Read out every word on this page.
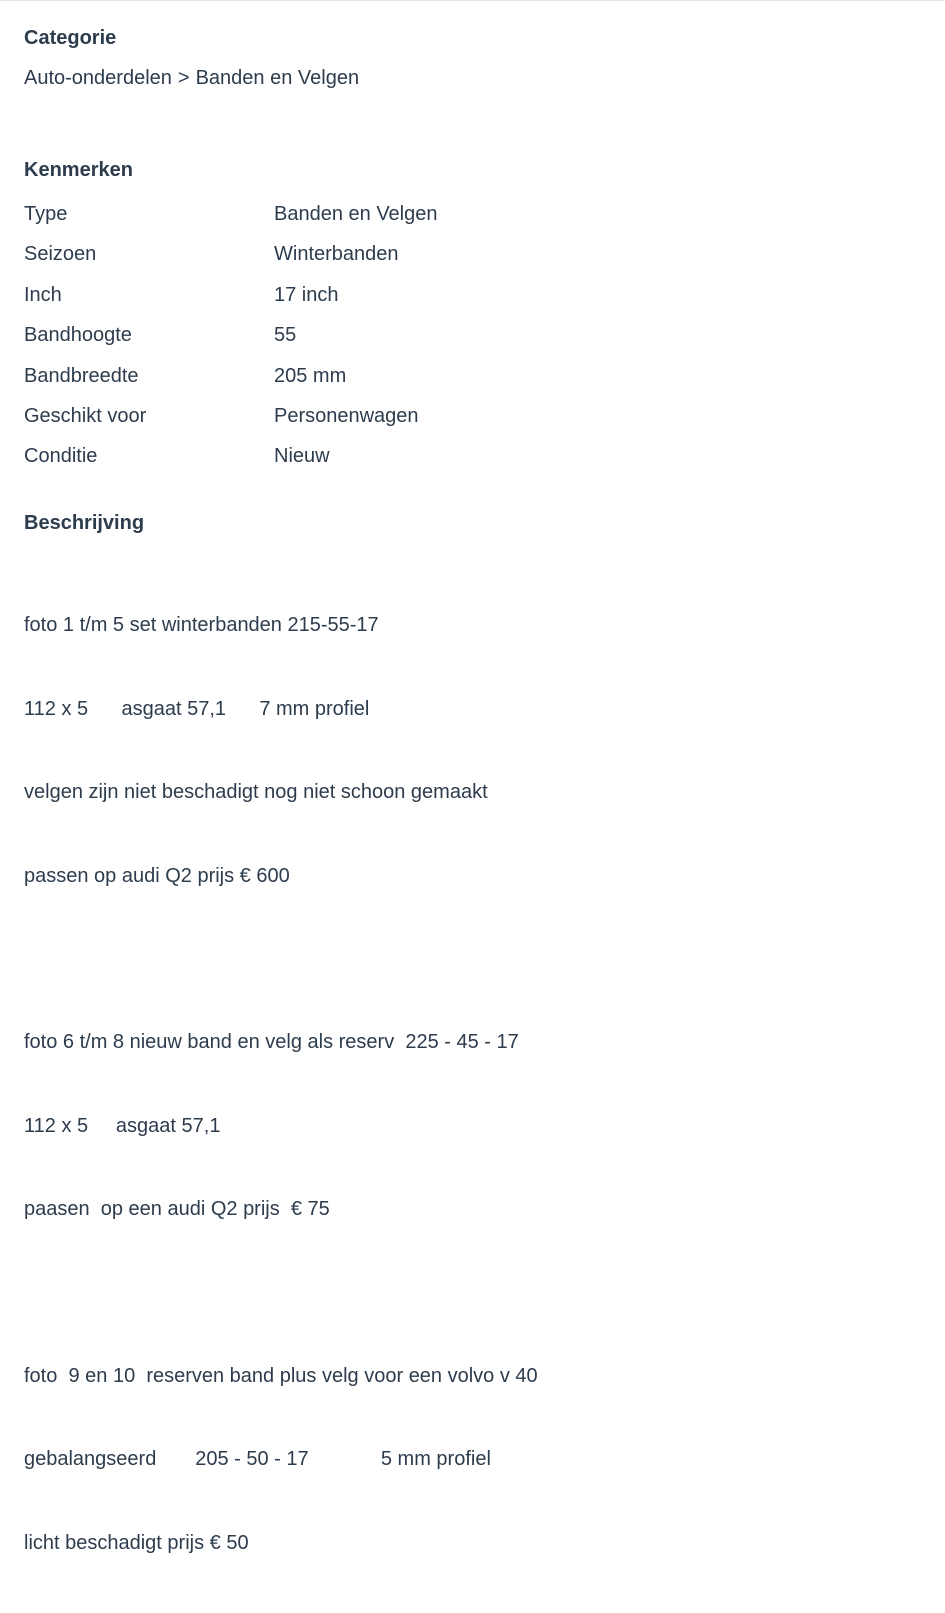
Categorie
Auto-onderdelen > Banden en Velgen
Kenmerken
Type	Banden en Velgen
Seizoen	Winterbanden
Inch	17 inch
Bandhoogte	55
Bandbreedte	205 mm
Geschikt voor	Personenwagen
Conditie	Nieuw
Beschrijving

foto 1 t/m 5 set winterbanden 215-55-17

112 x 5      asgaat 57,1      7 mm profiel

velgen zijn niet beschadigt nog niet schoon gemaakt

passen op audi Q2 prijs € 600

foto 6 t/m 8 nieuw band en velg als reserv  225 - 45 - 17

112 x 5     asgaat 57,1

paasen  op een audi Q2 prijs  € 75

foto  9 en 10  reserven band plus velg voor een volvo v 40

gebalangseerd       205 - 50 - 17             5 mm profiel

licht beschadigt prijs € 50
